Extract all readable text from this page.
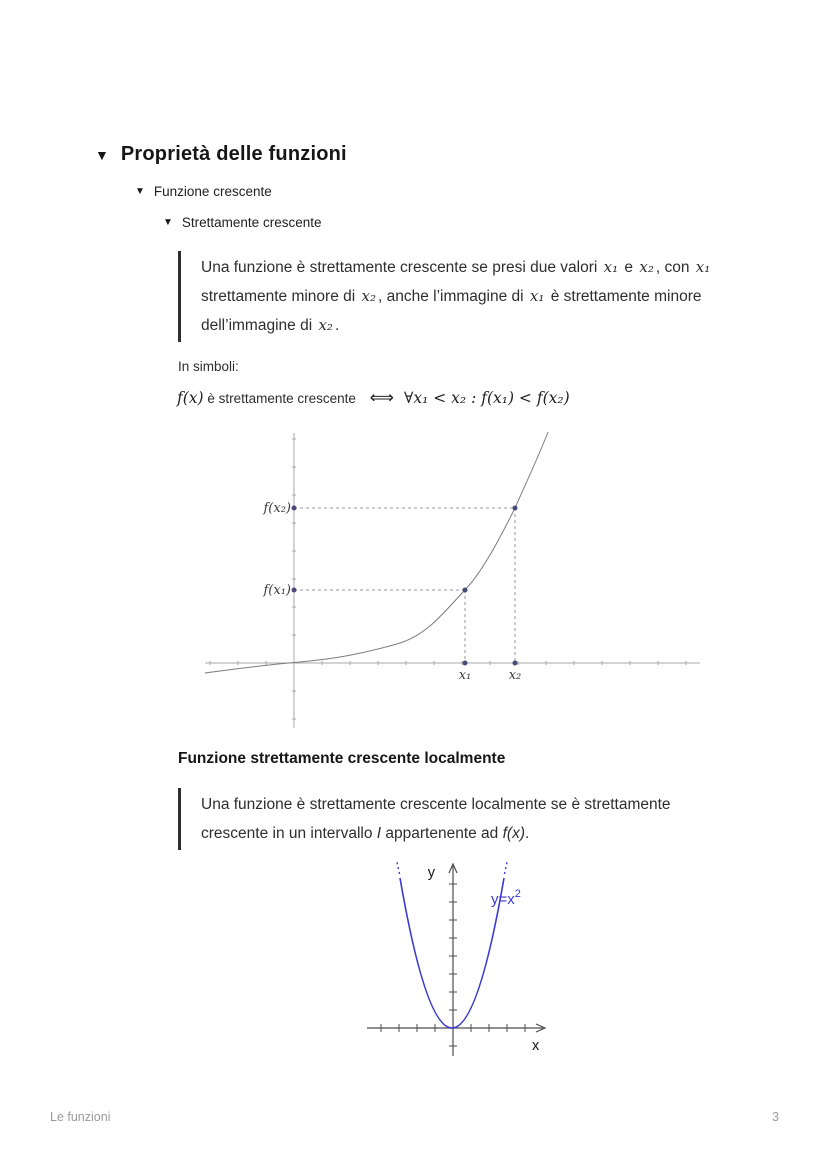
▼ Proprietà delle funzioni
▼ Funzione crescente
▼ Strettamente crescente
Una funzione è strettamente crescente se presi due valori x₁ e x₂ , con x₁ strettamente minore di x₂ , anche l’immagine di x₁ è strettamente minore dell’immagine di x₂ .
In simboli:
f(x) è strettamente crescente ⟺ ∀x₁ < x₂ : f(x₁) < f(x₂)
f(x₂)
f(x₁)
x₁	x₂
Funzione strettamente crescente localmente
Una funzione è strettamente crescente localmente se è strettamente crescente in un intervallo I appartenente ad f(x).
y
x
$y=x^2$
Le funzioni	3
